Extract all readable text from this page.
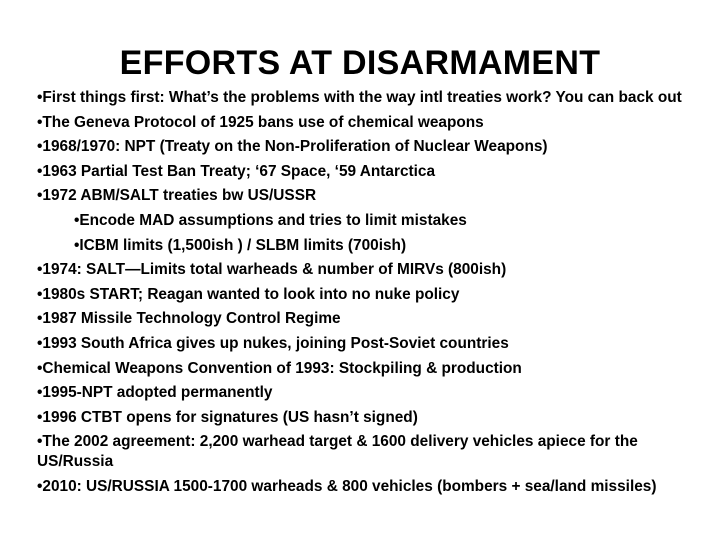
EFFORTS AT DISARMAMENT
•First things first: What’s the problems with the way intl treaties work? You can back out
•The Geneva Protocol of 1925 bans use of chemical weapons
•1968/1970: NPT (Treaty on the Non-Proliferation of Nuclear Weapons)
•1963 Partial Test Ban Treaty; ‘67 Space, ‘59 Antarctica
•1972 ABM/SALT treaties bw US/USSR
•Encode MAD assumptions and tries to limit mistakes
•ICBM limits (1,500ish ) / SLBM limits (700ish)
•1974: SALT—Limits total warheads & number of MIRVs (800ish)
•1980s START; Reagan wanted to look into no nuke policy
•1987 Missile Technology Control Regime
•1993 South Africa gives up nukes, joining Post-Soviet countries
•Chemical Weapons Convention of 1993: Stockpiling & production
•1995-NPT adopted permanently
•1996 CTBT opens for signatures (US hasn’t signed)
•The 2002 agreement: 2,200 warhead target & 1600 delivery vehicles apiece for the US/Russia
•2010: US/RUSSIA 1500-1700 warheads & 800 vehicles (bombers + sea/land missiles)
